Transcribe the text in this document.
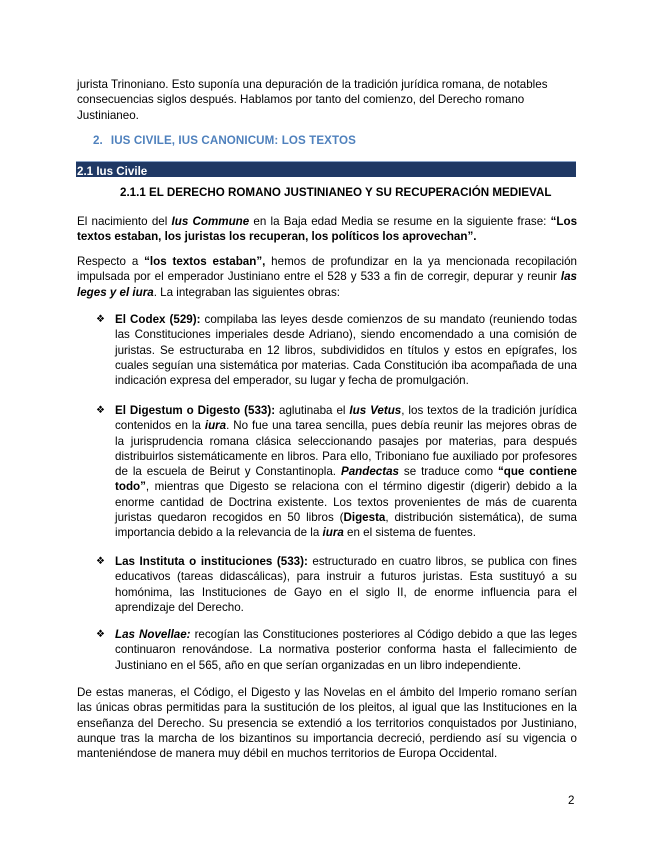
jurista Trinoniano. Esto suponía una depuración de la tradición jurídica romana, de notables
consecuencias siglos después. Hablamos por tanto del comienzo, del Derecho romano
Justinianeo.

2. IUS CIVILE, IUS CANONICUM: LOS TEXTOS
2.1 Ius Civile
2.1.1 EL DERECHO ROMANO JUSTINIANEO Y SU RECUPERACIÓN MEDIEVAL

El nacimiento del Ius Commune en la Baja edad Media se resume en la siguiente frase: “Los textos estaban, los juristas los recuperan, los políticos los aprovechan”.

Respecto a “los textos estaban”, hemos de profundizar en la ya mencionada recopilación impulsada por el emperador Justiniano entre el 528 y 533 a fin de corregir, depurar y reunir las leges y el iura. La integraban las siguientes obras:

❖ El Codex (529): compilaba las leyes desde comienzos de su mandato (reuniendo todas las Constituciones imperiales desde Adriano), siendo encomendado a una comisión de juristas. Se estructuraba en 12 libros, subdivididos en títulos y estos en epígrafes, los cuales seguían una sistemática por materias. Cada Constitución iba acompañada de una indicación expresa del emperador, su lugar y fecha de promulgación.

❖ El Digestum o Digesto (533): aglutinaba el Ius Vetus, los textos de la tradición jurídica contenidos en la iura. No fue una tarea sencilla, pues debía reunir las mejores obras de la jurisprudencia romana clásica seleccionando pasajes por materias, para después distribuirlos sistemáticamente en libros. Para ello, Triboniano fue auxiliado por profesores de la escuela de Beirut y Constantinopla. Pandectas se traduce como “que contiene todo”, mientras que Digesto se relaciona con el término digestir (digerir) debido a la enorme cantidad de Doctrina existente. Los textos provenientes de más de cuarenta juristas quedaron recogidos en 50 libros (Digesta, distribución sistemática), de suma importancia debido a la relevancia de la iura en el sistema de fuentes.

❖ Las Instituta o instituciones (533): estructurado en cuatro libros, se publica con fines educativos (tareas didascálicas), para instruir a futuros juristas. Esta sustituyó a su homónima, las Instituciones de Gayo en el siglo II, de enorme influencia para el aprendizaje del Derecho.

❖ Las Novellae: recogían las Constituciones posteriores al Código debido a que las leges continuaron renovándose. La normativa posterior conforma hasta el fallecimiento de Justiniano en el 565, año en que serían organizadas en un libro independiente.

De estas maneras, el Código, el Digesto y las Novelas en el ámbito del Imperio romano serían las únicas obras permitidas para la sustitución de los pleitos, al igual que las Instituciones en la enseñanza del Derecho. Su presencia se extendió a los territorios conquistados por Justiniano, aunque tras la marcha de los bizantinos su importancia decreció, perdiendo así su vigencia o manteniéndose de manera muy débil en muchos territorios de Europa Occidental.

2
